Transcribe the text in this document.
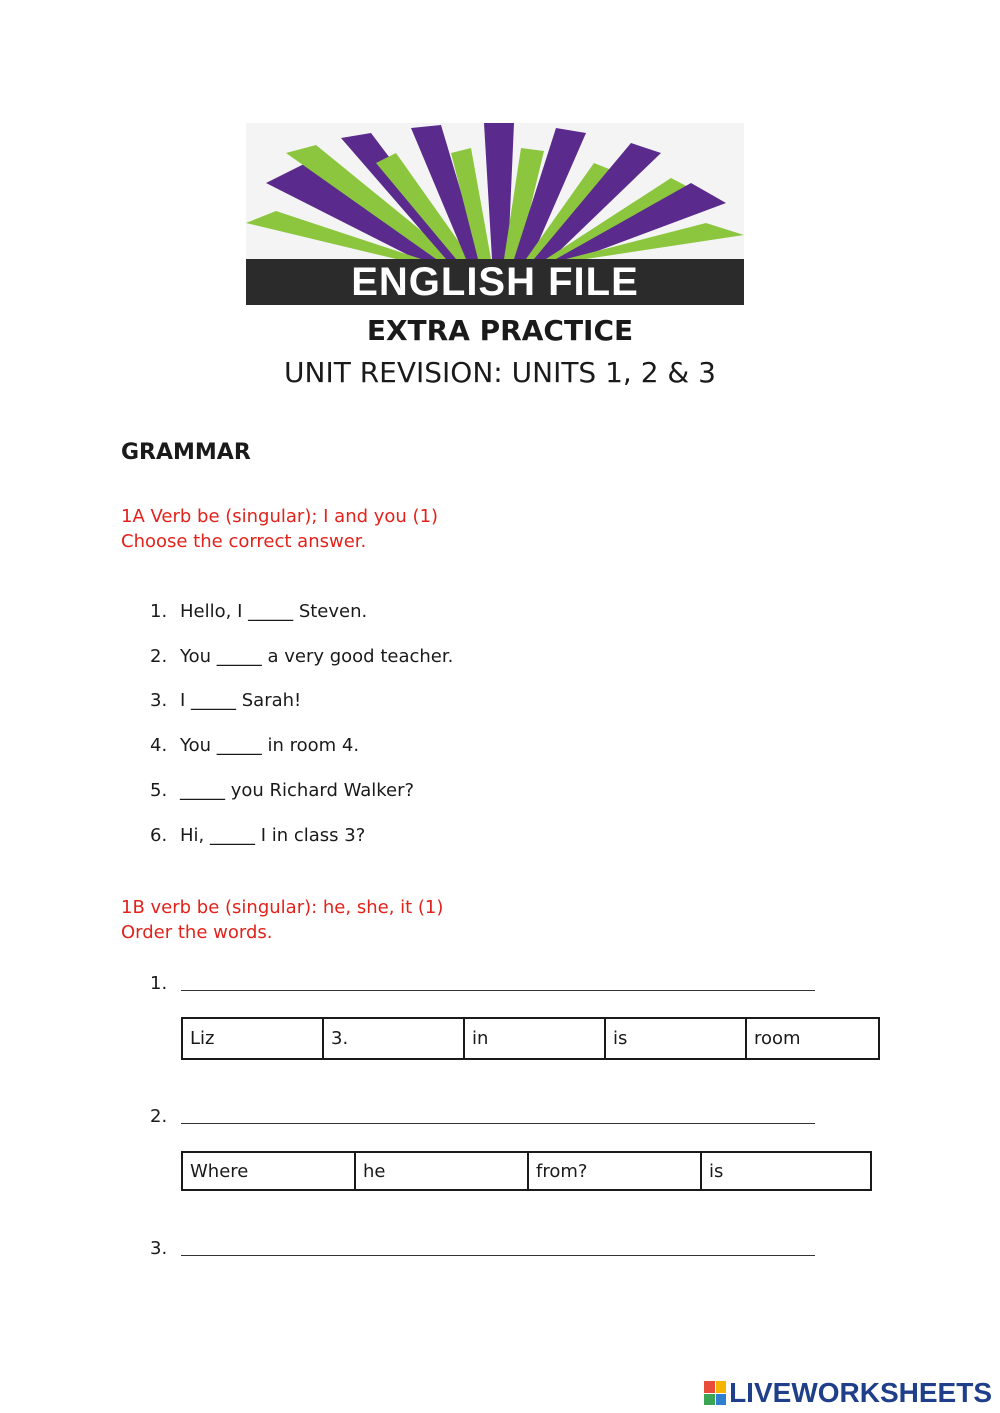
ENGLISH FILE
EXTRA PRACTICE
UNIT REVISION: UNITS 1, 2 & 3
GRAMMAR
1A Verb be (singular); I and you (1)
Choose the correct answer.
1. Hello, I _____ Steven.
2. You _____ a very good teacher.
3. I _____ Sarah!
4. You _____ in room 4.
5. _____ you Richard Walker?
6. Hi, _____ I in class 3?
1B verb be (singular): he, she, it (1)
Order the words.
1.
Liz	3.	in	is	room
2.
Where	he	from?	is
3.
LIVEWORKSHEETS
